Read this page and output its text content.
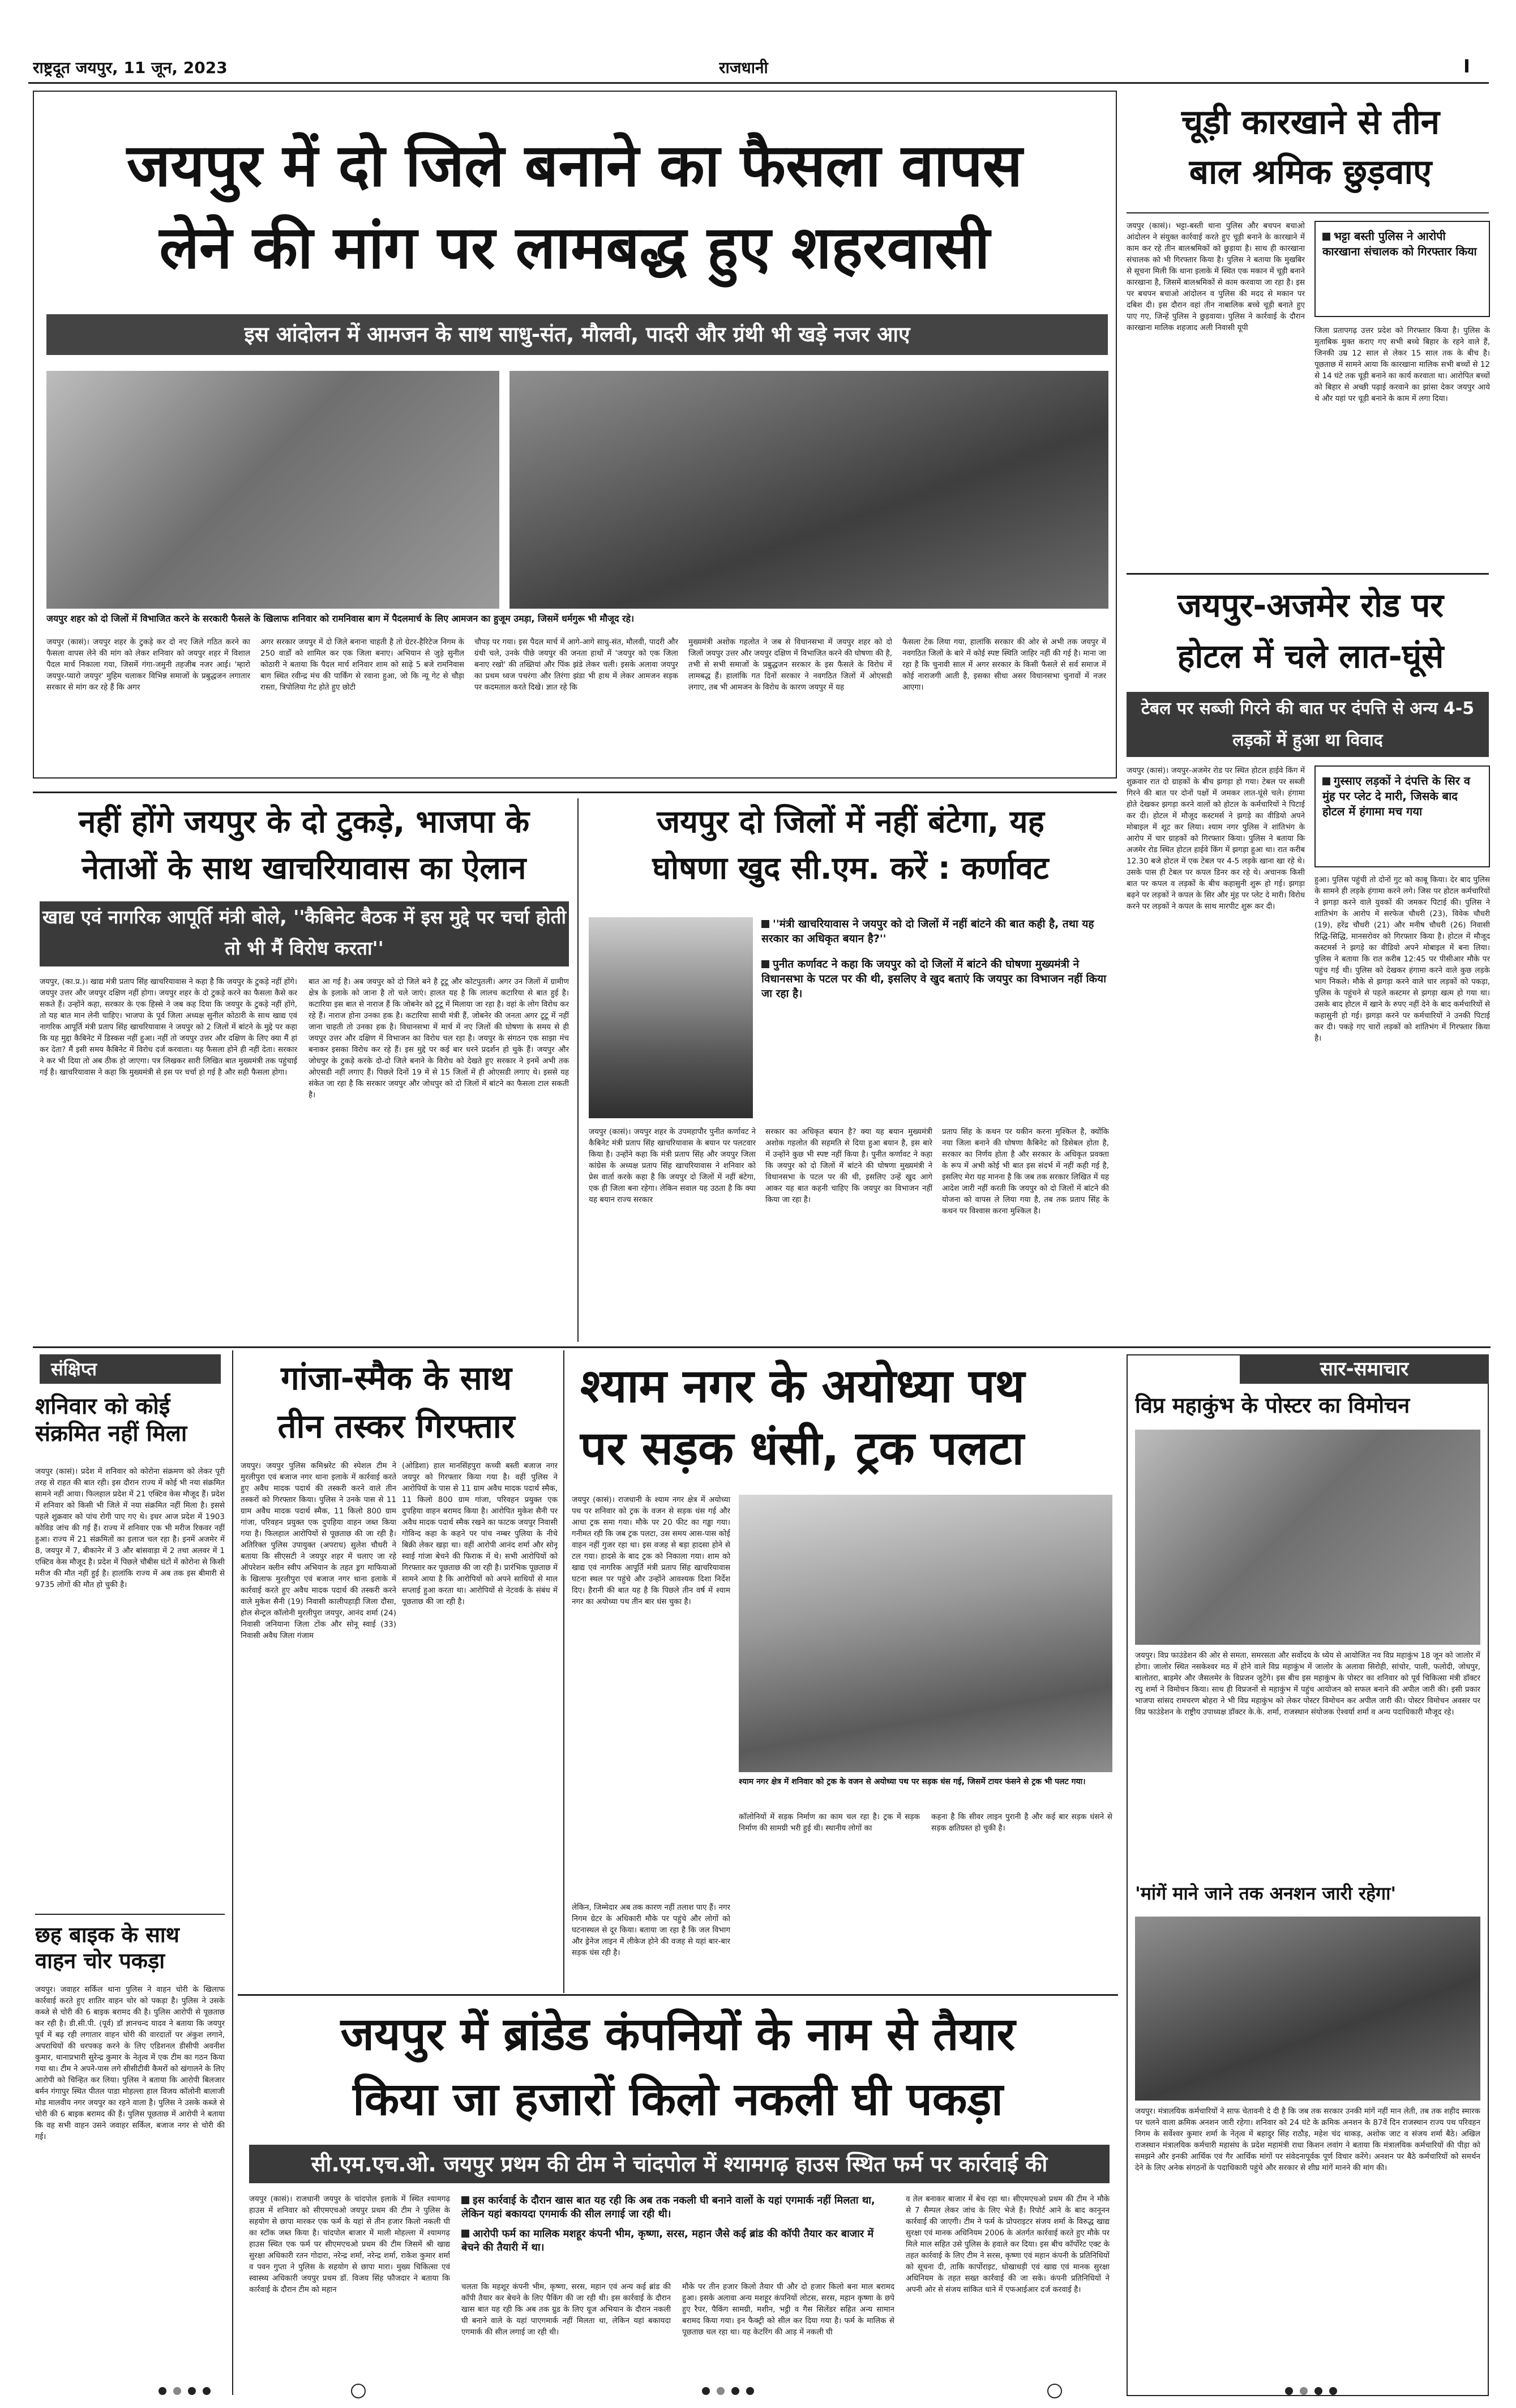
राष्ट्रदूत जयपुर, 11 जून, 2023	राजधानी	I
जयपुर में दो जिले बनाने का फैसला वापस
लेने की मांग पर लामबद्ध हुए शहरवासी
इस आंदोलन में आमजन के साथ साधु-संत, मौलवी, पादरी और ग्रंथी भी खड़े नजर आए
जयपुर शहर को दो जिलों में विभाजित करने के सरकारी फैसले के खिलाफ शनिवार को रामनिवास बाग में पैदलमार्च के लिए आमजन का हुजूम उमड़ा, जिसमें धर्मगुरू भी मौजूद रहे।
जयपुर (कासं)। जयपुर शहर के टुकड़े कर दो नए जिले गठित करने का फैसला वापस लेने की मांग को लेकर शनिवार को जयपुर शहर में विशाल पैदल मार्च निकाला गया, जिसमें गंगा-जमुनी तहजीब नजर आई। 'म्हारो जयपुर-प्यारो जयपुर' मुहिम चलाकर विभिन्न समाजों के प्रबुद्धजन लगातार सरकार से मांग कर रहे हैं कि अगर
अगर सरकार जयपुर में दो जिले बनाना चाहती है तो ग्रेटर-हैरिटेज निगम के 250 वार्डों को शामिल कर एक जिला बनाए। अभियान से जुड़े सुनील कोठारी ने बताया कि पैदल मार्च शनिवार शाम को साढ़े 5 बजे रामनिवास बाग स्थित रवीन्द्र मंच की पार्किंग से रवाना हुआ, जो कि न्यू गेट से चौड़ा रास्ता, त्रिपोलिया गेट होते हुए छोटी
चौपड़ पर गया। इस पैदल मार्च में आगे-आगे साधु-संत, मौलवी, पादरी और ग्रंथी चले, उनके पीछे जयपुर की जनता हाथों में 'जयपुर को एक जिला बनाए रखो' की तख्तियां और पिंक झंडे लेकर चली। इसके अलावा जयपुर का प्रथम ध्वज पचरंगा और तिरंगा झंडा भी हाथ में लेकर आमजन सड़क पर कदमताल करते दिखे। ज्ञात रहे कि
मुख्यमंत्री अशोक गहलोत ने जब से विधानसभा में जयपुर शहर को दो जिलों जयपुर उत्तर और जयपुर दक्षिण में विभाजित करने की घोषणा की है, तभी से सभी समाजों के प्रबुद्धजन सरकार के इस फैसले के विरोध में लामबद्ध हैं। हालांकि गत दिनों सरकार ने नवगठित जिलों में ओएसडी लगाए, तब भी आमजन के विरोध के कारण जयपुर में यह
फैसला टेक लिया गया, हालांकि सरकार की ओर से अभी तक जयपुर में नवगठित जिलों के बारे में कोई स्पष्ट स्थिति जाहिर नहीं की गई है। माना जा रहा है कि चुनावी साल में अगर सरकार के किसी फैसले से सर्व समाज में कोई नाराजगी आती है, इसका सीधा असर विधानसभा चुनावों में नजर आएगा।
चूड़ी कारखाने से तीन
बाल श्रमिक छुड़वाए
जयपुर (कासं)। भट्टा-बस्ती थाना पुलिस और बचपन बचाओ आंदोलन ने संयुक्त कार्रवाई करते हुए चूड़ी बनाने के कारखाने में काम कर रहे तीन बालश्रमिकों को छुड़ाया है। साथ ही कारखाना संचालक को भी गिरफ्तार किया है। पुलिस ने बताया कि मुखबिर से सूचना मिली कि थाना इलाके में स्थित एक मकान में चूड़ी बनाने कारखाना है, जिसमें बालश्रमिकों से काम करवाया जा रहा है। इस पर बचपन बचाओ आंदोलन व पुलिस की मदद से मकान पर दबिश दी। इस दौरान वहां तीन नाबालिक बच्चे चूड़ी बनाते हुए पाए गए, जिन्हें पुलिस ने छुड़वाया। पुलिस ने कार्रवाई के दौरान कारखाना मालिक शहजाद अली निवासी यूपी
भट्टा बस्ती पुलिस ने आरोपी कारखाना संचालक को गिरफ्तार किया
जिला प्रतापगढ़ उत्तर प्रदेश को गिरफ्तार किया है। पुलिस के मुताबिक मुक्त कराए गए सभी बच्चे बिहार के रहने वाले हैं, जिनकी उम्र 12 साल से लेकर 15 साल तक के बीच है। पूछताछ में सामने आया कि कारखाना मालिक सभी बच्चों से 12 से 14 घंटे तक चूड़ी बनाने का कार्य करवाता था। आरोपित बच्चों को बिहार से अच्छी पढ़ाई करवाने का झांसा देकर जयपुर आये थे और यहां पर चूड़ी बनाने के काम में लगा दिया।
जयपुर-अजमेर रोड पर
होटल में चले लात-घूंसे
टेबल पर सब्जी गिरने की बात पर दंपत्ति से अन्य 4-5 लड़कों में हुआ था विवाद
जयपुर (कासं)। जयपुर-अजमेर रोड पर स्थित होटल हाईवे किंग में शुक्रवार रात दो ग्राहकों के बीच झगड़ा हो गया। टेबल पर सब्जी गिरने की बात पर दोनों पक्षों में जमकर लात-घूंसे चले। हंगामा होते देखकर झगड़ा करने वालों को होटल के कर्मचारियों ने पिटाई कर दी। होटल में मौजूद कस्टमर्स ने झगड़े का वीडियो अपने मोबाइल में शूट कर लिया। श्याम नगर पुलिस ने शांतिभंग के आरोप में चार ग्राहकों को गिरफ्तार किया। पुलिस ने बताया कि अजमेर रोड स्थित होटल हाईवे किंग में झगड़ा हुआ था। रात करीब 12.30 बजे होटल में एक टेबल पर 4-5 लड़के खाना खा रहे थे। उसके पास ही टेबल पर कपल डिनर कर रहे थे। अचानक किसी बात पर कपल व लड़कों के बीच कहासुनी शुरू हो गई। झगड़ा बढ़ने पर लड़कों ने कपल के सिर और मुंह पर प्लेट दे मारी। विरोध करने पर लड़कों ने कपल के साथ मारपीट शुरू कर दी।
गुस्साए लड़कों ने दंपत्ति के सिर व मुंह पर प्लेट दे मारी, जिसके बाद होटल में हंगामा मच गया
हुआ। पुलिस पहुंची तो दोनों गुट को काबू किया। देर बाद पुलिस के सामने ही लड़के हंगामा करने लगे। जिस पर होटल कर्मचारियों ने झगड़ा करने वाले युवकों की जमकर पिटाई की। पुलिस ने शांतिभंग के आरोप में सरफेज चौधरी (23), विवेक चौधरी (19), हरेंद्र चौधरी (21) और मनीष चौधरी (26) निवासी रिद्धि-सिद्धि, मानसरोवर को गिरफ्तार किया है। होटल में मौजूद कस्टमर्स ने झगड़े का वीडियो अपने मोबाइल में बना लिया। पुलिस ने बताया कि रात करीब 12:45 पर पीसीआर मौके पर पहुंच गई थी। पुलिस को देखकर हंगामा करने वाले कुछ लड़के भाग निकले। मौके से झगड़ा करने वाले चार लड़कों को पकड़ा, पुलिस के पहुंचने से पहले कस्टमर से झगड़ा खत्म हो गया था। उसके बाद होटल में खाने के रुपए नहीं देने के बाद कर्मचारियों से कहासुनी हो गई। झगड़ा करने पर कर्मचारियों ने उनकी पिटाई कर दी। पकड़े गए चारों लड़कों को शांतिभंग में गिरफ्तार किया है।
नहीं होंगे जयपुर के दो टुकड़े, भाजपा के
नेताओं के साथ खाचरियावास का ऐलान
खाद्य एवं नागरिक आपूर्ति मंत्री बोले, ''कैबिनेट बैठक में इस मुद्दे पर चर्चा होती तो भी मैं विरोध करता''
जयपुर, (का.प्र.)। खाद्य मंत्री प्रताप सिंह खाचरियावास ने कहा है कि जयपुर के टुकड़े नहीं होंगे। जयपुर उत्तर और जयपुर दक्षिण नहीं होगा। जयपुर शहर के दो टुकड़े करने का फैसला कैसे कर सकते हैं। उन्होंने कहा, सरकार के एक हिस्से ने जब कह दिया कि जयपुर के टुकड़े नहीं होंगे, तो यह बात मान लेनी चाहिए। भाजपा के पूर्व जिला अध्यक्ष सुनील कोठारी के साथ खाद्य एवं नागरिक आपूर्ति मंत्री प्रताप सिंह खाचरियावास ने जयपुर को 2 जिलों में बांटने के मुद्दे पर कहा कि यह मुद्दा कैबिनेट में डिस्कस नहीं हुआ। नहीं तो जयपुर उत्तर और दक्षिण के लिए क्या मैं हां कर देता? मैं इसी समय कैबिनेट में विरोध दर्ज करवाता। यह फैसला होने ही नहीं देता। सरकार ने कर भी दिया तो अब ठीक हो जाएगा। पत्र लिखकर सारी लिखित बात मुख्यमंत्री तक पहुंचाई गई है। खाचरियावास ने कहा कि मुख्यमंत्री से इस पर चर्चा हो गई है और सही फैसला होगा।
बात आ गई है। अब जयपुर को दो जिले बने है टूटू और कोटपुतली। अगर उन जिलों में ग्रामीण क्षेत्र के इलाके को जाना है तो चले जाएं। हालत यह है कि लालच कटारिया से बात हुई है। कटारिया इस बात से नाराज हैं कि जोबनेर को टूटू में मिलाया जा रहा है। वहां के लोग विरोध कर रहे हैं। नाराज होना उनका हक है। कटारिया साथी मंत्री हैं, जोबनेर की जनता अगर टूटू में नहीं जाना चाहती तो उनका हक है। विधानसभा में मार्च में नए जिलों की घोषणा के समय से ही जयपुर उत्तर और दक्षिण में विभाजन का विरोध चल रहा है। जयपुर के संगठन एक साझा मंच बनाकर इसका विरोध कर रहे हैं। इस मुद्दे पर कई बार धरने प्रदर्शन हो चुके हैं। जयपुर और जोधपुर के टुकड़े करके दो-दो जिले बनाने के विरोध को देखते हुए सरकार ने इनमें अभी तक ओएसडी नहीं लगाए हैं। पिछले दिनों 19 में से 15 जिलों में ही ओएसडी लगाए थे। इससे यह संकेत जा रहा है कि सरकार जयपुर और जोधपुर को दो जिलों में बांटने का फैसला टाल सकती है।
जयपुर दो जिलों में नहीं बंटेगा, यह
घोषणा खुद सी.एम. करें : कर्णावट
''मंत्री खाचरियावास ने जयपुर को दो जिलों में नहीं बांटने की बात कही है, तथा यह सरकार का अधिकृत बयान है?''
पुनीत कर्णावट ने कहा कि जयपुर को दो जिलों में बांटने की घोषणा मुख्यमंत्री ने विधानसभा के पटल पर की थी, इसलिए वे खुद बताएं कि जयपुर का विभाजन नहीं किया जा रहा है।
जयपुर (कासं)। जयपुर शहर के उपमहापौर पुनीत कर्णावट ने कैबिनेट मंत्री प्रताप सिंह खाचरियावास के बयान पर पलटवार किया है। उन्होंने कहा कि मंत्री प्रताप सिंह और जयपुर जिला कांग्रेस के अध्यक्ष प्रताप सिंह खाचरियावास ने शनिवार को प्रेस वार्ता करके कहा है कि जयपुर दो जिलों में नहीं बंटेगा, एक ही जिला बना रहेगा। लेकिन सवाल यह उठता है कि क्या यह बयान राज्य सरकार
सरकार का अधिकृत बयान है? क्या यह बयान मुख्यमंत्री अशोक गहलोत की सहमति से दिया हुआ बयान है, इस बारे में उन्होंने कुछ भी स्पष्ट नहीं किया है। पुनीत कर्णावट ने कहा कि जयपुर को दो जिलों में बांटने की घोषणा मुख्यमंत्री ने विधानसभा के पटल पर की थी, इसलिए उन्हें खुद आगे आकर यह बात कहनी चाहिए कि जयपुर का विभाजन नहीं किया जा रहा है।
प्रताप सिंह के कथन पर यकीन करना मुश्किल है, क्योंकि नया जिला बनाने की घोषणा कैबिनेट को डिसेबल होता है, सरकार का निर्णय होता है और सरकार के अधिकृत प्रवक्ता के रूप में अभी कोई भी बात इस संदर्भ में नहीं कही गई है, इसलिए मेरा यह मानना है कि जब तक सरकार लिखित में यह आदेश जारी नहीं करती कि जयपुर को दो जिलों में बांटने की योजना को वापस ले लिया गया है, तब तक प्रताप सिंह के कथन पर विश्वास करना मुश्किल है।
संक्षिप्त
शनिवार को कोई संक्रमित नहीं मिला
जयपुर (कासं)। प्रदेश में शनिवार को कोरोना संक्रमण को लेकर पूरी तरह से राहत की बात रही। इस दौरान राज्य में कोई भी नया संक्रमित सामने नहीं आया। फिलहाल प्रदेश में 21 एक्टिव केस मौजूद हैं। प्रदेश में शनिवार को किसी भी जिले में नया संक्रमित नहीं मिला है। इससे पहले शुक्रवार को पांच रोगी पाए गए थे। इधर आज प्रदेश में 1903 कोविड जांच की गई हैं। राज्य में शनिवार एक भी मरीज रिकवर नहीं हुआ। राज्य में 21 संक्रमितों का इलाज चल रहा है। इनमें अजमेर में 8, जयपुर में 7, बीकानेर में 3 और बांसवाड़ा में 2 तथा अलवर में 1 एक्टिव केस मौजूद है। प्रदेश में पिछले चौबीस घंटों में कोरोना से किसी मरीज की मौत नहीं हुई है। हालांकि राज्य में अब तक इस बीमारी से 9735 लोगों की मौत हो चुकी है।
छह बाइक के साथ वाहन चोर पकड़ा
जयपुर। जवाहर सर्किल थाना पुलिस ने वाहन चोरी के खिलाफ कार्रवाई करते हुए शातिर वाहन चोर को पकड़ा है। पुलिस ने उसके कब्जे से चोरी की 6 बाइक बरामद की है। पुलिस आरोपी से पूछताछ कर रही है। डी.सी.पी. (पूर्व) डॉ ज्ञानचन्द यादव ने बताया कि जयपुर पूर्व में बढ़ रही लगातार वाहन चोरी की वारदातों पर अंकुश लगाने, अपराधियों की धरपकड़ करने के लिए एडिशनल डीसीपी अवनीश कुमार, थानाप्रभारी सुरेन्द्र कुमार के नेतृत्व में एक टीम का गठन किया गया था। टीम ने अपने-पास लगे सीसीटीवी कैमरों को खंगालने के लिए आरोपी को चिन्हित कर लिया। पुलिस ने बताया कि आरोपी बिलजार बर्मन गंगापुर स्थित पीतल पाडा मोहल्ला हाल विजय कॉलोनी बालाजी मोड मालवीय नगर जयपुर का रहने वाला है। पुलिस ने उसके कब्जे से चोरी की 6 बाइक बरामद की हैं। पुलिस पूछताछ में आरोपी ने बताया कि वह सभी वाहन उसने जवाहर सर्किल, बजाज नगर से चोरी की गई।
गांजा-स्मैक के साथ
तीन तस्कर गिरफ्तार
जयपुर। जयपुर पुलिस कमिश्नरेट की स्पेशल टीम ने मुरलीपुरा एवं बजाज नगर थाना इलाके में कार्रवाई करते हुए अवैध मादक पदार्थ की तस्करी करने वाले तीन तस्करों को गिरफ्तार किया। पुलिस ने उनके पास से 11 ग्राम अवैध मादक पदार्थ स्मैक, 11 किलो 800 ग्राम गांजा, परिवहन प्रयुक्त एक दुपहिया वाहन जब्त किया गया है। फिलहाल आरोपियों से पूछताछ की जा रही है। अतिरिक्त पुलिस उपायुक्त (अपराध) सुलेश चौधरी ने बताया कि सीएसटी ने जयपुर शहर में चलाए जा रहे ऑपरेशन क्लीन स्वीप अभियान के तहत ड्रग माफियाओं के खिलाफ मुरलीपुरा एवं बजाज नगर थाना इलाके में कार्रवाई करते हुए अवैध मादक पदार्थ की तस्करी करने वाले मुकेश सैनी (19) निवासी कालीपहाड़ी जिला दौसा, होल सेन्ट्रल कॉलोनी मुरलीपुरा जयपुर, आनंद शर्मा (24) निवासी जनियाना जिला टोंक और सोनू स्वाई (33) निवासी अवैध जिला गंजाम
(ओडिशा) हाल मानसिंहपुरा कच्ची बस्ती बजाज नगर जयपुर को गिरफ्तार किया गया है। वहीं पुलिस ने आरोपियों के पास से 11 ग्राम अवैध मादक पदार्थ स्मैक, 11 किलो 800 ग्राम गांजा, परिवहन प्रयुक्त एक दुपहिया वाहन बरामद किया है। आरोपित मुकेश सैनी पर अवैध मादक पदार्थ स्मैक रखने का फाटक जयपुर निवासी गोविन्द कहा के कहने पर पांच नम्बर पुलिया के नीचे बिक्री लेकर खड़ा था। वहीं आरोपी आनंद शर्मा और सोनू स्वाई गांजा बेचने की फिराक में थे। सभी आरोपियों को गिरफ्तार कर पूछताछ की जा रही है। प्रारंभिक पूछताछ में सामने आया है कि आरोपियों को अपने साथियों से माल सप्लाई हुआ करता था। आरोपियों से नेटवर्क के संबंध में पूछताछ की जा रही है।
श्याम नगर के अयोध्या पथ
पर सड़क धंसी, ट्रक पलटा
जयपुर (कासं)। राजधानी के श्याम नगर क्षेत्र में अयोध्या पथ पर शनिवार को ट्रक के वजन से सड़क धंस गई और आधा ट्रक समा गया। मौके पर 20 फीट का गड्ढा गया। गनीमत रही कि जब ट्रक पलटा, उस समय आस-पास कोई वाहन नहीं गुजर रहा था। इस वजह से बड़ा हादसा होने से टल गया। हादसे के बाद ट्रक को निकाला गया। शाम को खाद्य एवं नागरिक आपूर्ति मंत्री प्रताप सिंह खाचरियावास घटना स्थल पर पहुंचे और उन्होंने आवश्यक दिशा निर्देश दिए। हैरानी की बात यह है कि पिछले तीन वर्ष में श्याम नगर का अयोध्या पथ तीन बार धंस चुका है।
श्याम नगर क्षेत्र में शनिवार को ट्रक के वजन से अयोध्या पथ पर सड़क धंस गई, जिसमें टायर फंसने से ट्रक भी पलट गया।
कॉलोनियों में सड़क निर्माण का काम चल रहा है। ट्रक में सड़क निर्माण की सामग्री भरी हुई थी। स्थानीय लोगों का
कहना है कि सीवर लाइन पुरानी है और कई बार सड़क धंसने से सड़क क्षतिग्रस्त हो चुकी है।
लेकिन, जिम्मेदार अब तक कारण नहीं तलाश पाए हैं। नगर निगम ग्रेटर के अधिकारी मौके पर पहुंचे और लोगों को घटनास्थल से दूर किया। बताया जा रहा है कि जल विभाग और ड्रेनेज लाइन में लीकेज होने की वजह से यहां बार-बार सड़क धंस रही है।
सार-समाचार
विप्र महाकुंभ के पोस्टर का विमोचन
जयपुर। विप्र फाउंडेशन की ओर से समता, समरसता और सर्वोदय के ध्येय से आयोजित नव विप्र महाकुंभ 18 जून को जालोर में होगा। जालोर स्थित नसकेश्वर मठ में होने वाले विप्र महाकुंभ में जालोर के अलावा सिरोही, सांचोर, पाली, फलोदी, जोधपुर, बालोतरा, बाड़मेर और जैसलमेर के विप्रजन जुटेंगे। इस बीच इस महाकुंभ के पोस्टर का शनिवार को पूर्व चिकित्सा मंत्री डॉक्टर रघु शर्मा ने विमोचन किया। साथ ही विप्रजनों से महाकुंभ में पहुंच आयोजन को सफल बनाने की अपील जारी की। इसी प्रकार भाजपा सांसद रामचरण बोहरा ने भी विप्र महाकुंभ को लेकर पोस्टर विमोचन कर अपील जारी की। पोस्टर विमोचन अवसर पर विप्र फाउंडेशन के राष्ट्रीय उपाध्यक्ष डॉक्टर के.के. शर्मा, राजस्थान संयोजक ऐश्वर्या शर्मा व अन्य पदाधिकारी मौजूद रहे।
'मांगें माने जाने तक अनशन जारी रहेगा'
जयपुर। मंत्रालयिक कर्मचारियों ने साफ चेतावनी दे दी है कि जब तक सरकार उनकी मांगें नहीं मान लेती, तब तक शहीद स्मारक पर चलने वाला क्रमिक अनशन जारी रहेगा। शनिवार को 24 घंटे के क्रमिक अनशन के 87वें दिन राजस्थान राज्य पथ परिवहन निगम के सर्वेश्वर कुमार शर्मा के नेतृत्व में बहादुर सिंह राठौड़, महेश चंद थाकड़, अशोक जाट व संजय शर्मा बैठे। अखिल राजस्थान मंत्रालयिक कर्मचारी महासंघ के प्रदेश महामंत्री राधा किशन लवांग ने बताया कि मंत्रालयिक कर्मचारियों की पीड़ा को समझने और इनकी आर्थिक एवं गैर आर्थिक मांगों पर संवेदनापूर्वक पूर्ण विचार करेंगे। अनशन पर बैठे कर्मचारियों को समर्थन देने के लिए अनेक संगठनों के पदाधिकारी पहुंचे और सरकार से शीघ्र मांगें मानने की मांग की।
जयपुर में ब्रांडेड कंपनियों के नाम से तैयार
किया जा हजारों किलो नकली घी पकड़ा
सी.एम.एच.ओ. जयपुर प्रथम की टीम ने चांदपोल में श्यामगढ़ हाउस स्थित फर्म पर कार्रवाई की
जयपुर (कासं)। राजधानी जयपुर के चांदपोल इलाके में स्थित श्यामगढ़ हाउस में शनिवार को सीएमएचओ जयपुर प्रथम की टीम ने पुलिस के सहयोग से छापा मारकर एक फर्म के यहां से तीन हजार किलो नकली घी का स्टॉक जब्त किया है। चांदपोल बाजार में माली मोहल्ला में श्यामगढ़ हाउस स्थित एक फर्म पर सीएमएचओ प्रथम की टीम जिसमें श्री खाद्य सुरक्षा अधिकारी रतन गोदारा, नरेन्द्र शर्मा, नरेन्द्र शर्मा, राकेश कुमार शर्मा व पवन गुप्ता ने पुलिस के सहयोग से छापा मारा। मुख्य चिकित्सा एवं स्वास्थ्य अधिकारी जयपुर प्रथम डॉ. विजय सिंह फौजदार ने बताया कि कार्रवाई के दौरान टीम को महान
इस कार्रवाई के दौरान खास बात यह रही कि अब तक नकली घी बनाने वालों के यहां एगमार्क नहीं मिलता था, लेकिन यहां बकायदा एगमार्क की सील लगाई जा रही थी।
आरोपी फर्म का मालिक मशहूर कंपनी भीम, कृष्णा, सरस, महान जैसे कई ब्रांड की कॉपी तैयार कर बाजार में बेचने की तैयारी में था।
चलता कि महशूर कंपनी भीम, कृष्णा, सरस, महान एवं अन्य कई ब्रांड की कॉपी तैयार कर बेचने के लिए पैकिंग की जा रही थी। इस कार्रवाई के दौरान खास बात यह रही कि अब तक ग्रुड के लिए यूज अभियान के दौरान नकली घी बनाने वाले के यहां पाएगमार्क नहीं मिलता था, लेकिन यहां बकायदा एगमार्क की सील लगाई जा रही थी।
मौके पर तीन हजार किलो तैयार घी और दो हजार किलो बना माल बरामद हुआ। इसके अलावा अन्य मशहूर कंपनियों लोटस, सरस, महान कृष्णा के छपे हुए रैपर, पैकिंग सामग्री, मशीन, भट्ठी व गैस सिलेंडर सहित अन्य सामान बरामद किया गया। इन फैक्ट्री को सील कर दिया गया है। फर्म के मालिक से पूछताछ चल रहा था। यह केटरिंग की आड़ में नकली घी
व तेल बनाकर बाजार में बेच रहा था। सीएमएचओ प्रथम की टीम ने मौके से 7 सैम्पल लेकर जांच के लिए भेजे हैं। रिपोर्ट आने के बाद कानूनन कार्रवाई की जाएगी। टीम ने फर्म के प्रोपराइटर संजय शर्मा के विरुद्ध खाद्य सुरक्षा एवं मानक अधिनियम 2006 के अंतर्गत कार्रवाई करते हुए मौके पर मिले माल सहित उसे पुलिस के हवाले कर दिया। इस बीच कॉर्पोरेट एक्ट के तहत कार्रवाई के लिए टीम ने सरस, कृष्णा एवं महान कंपनी के प्रतिनिधियों को सूचना दी, ताकि कार्पोराइट, धोखाधड़ी एवं खाद्य एवं मानक सुरक्षा अधिनियम के तहत सख्त कार्रवाई की जा सके। कंपनी प्रतिनिधियों ने अपनी ओर से संजय सांकित धाने में एफआईआर दर्ज करवाई है।
